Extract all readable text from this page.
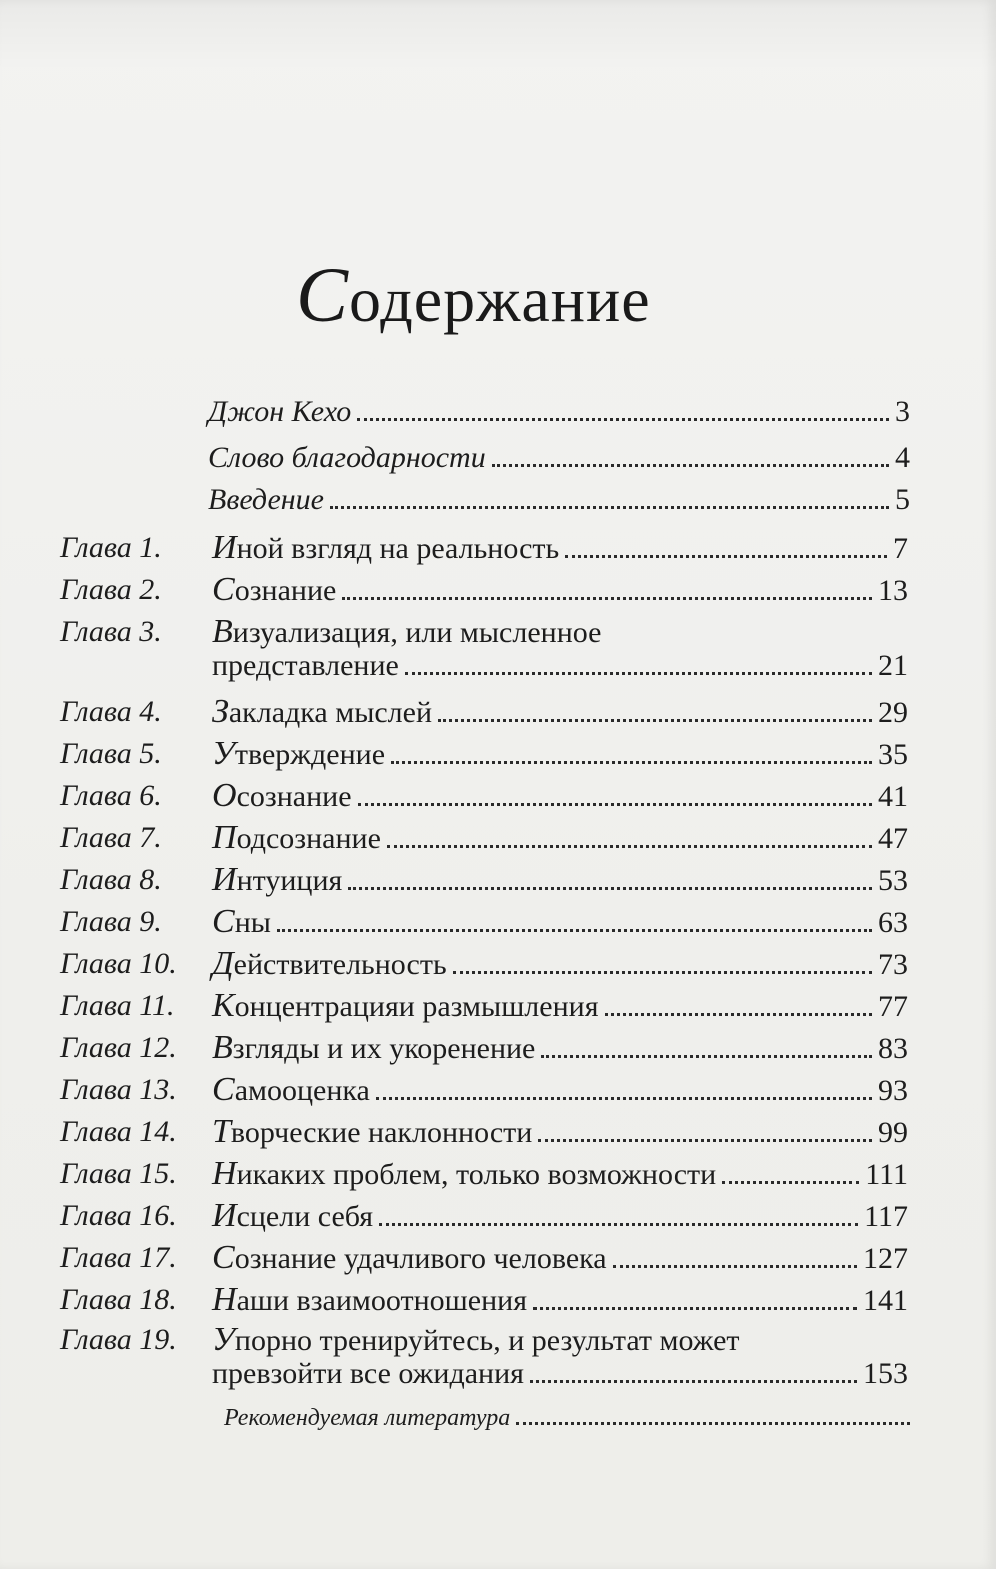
Содержание
Джон Кехо	3
Слово благодарности	4
Введение	5
Глава 1. Иной взгляд на реальность	7
Глава 2. Сознание	13
Глава 3. Визуализация, или мысленное
представление	21
Глава 4. Закладка мыслей	29
Глава 5. Утверждение	35
Глава 6. Осознание	41
Глава 7. Подсознание	47
Глава 8. Интуиция	53
Глава 9. Сны	63
Глава 10. Действительность	73
Глава 11. Концентрацияи размышления	77
Глава 12. Взгляды и их укоренение	83
Глава 13. Самооценка	93
Глава 14. Творческие наклонности	99
Глава 15. Никаких проблем, только возможности	111
Глава 16. Исцели себя	117
Глава 17. Сознание удачливого человека	127
Глава 18. Наши взаимоотношения	141
Глава 19. Упорно тренируйтесь, и результат может
превзойти все ожидания	153
Рекомендуемая литература
